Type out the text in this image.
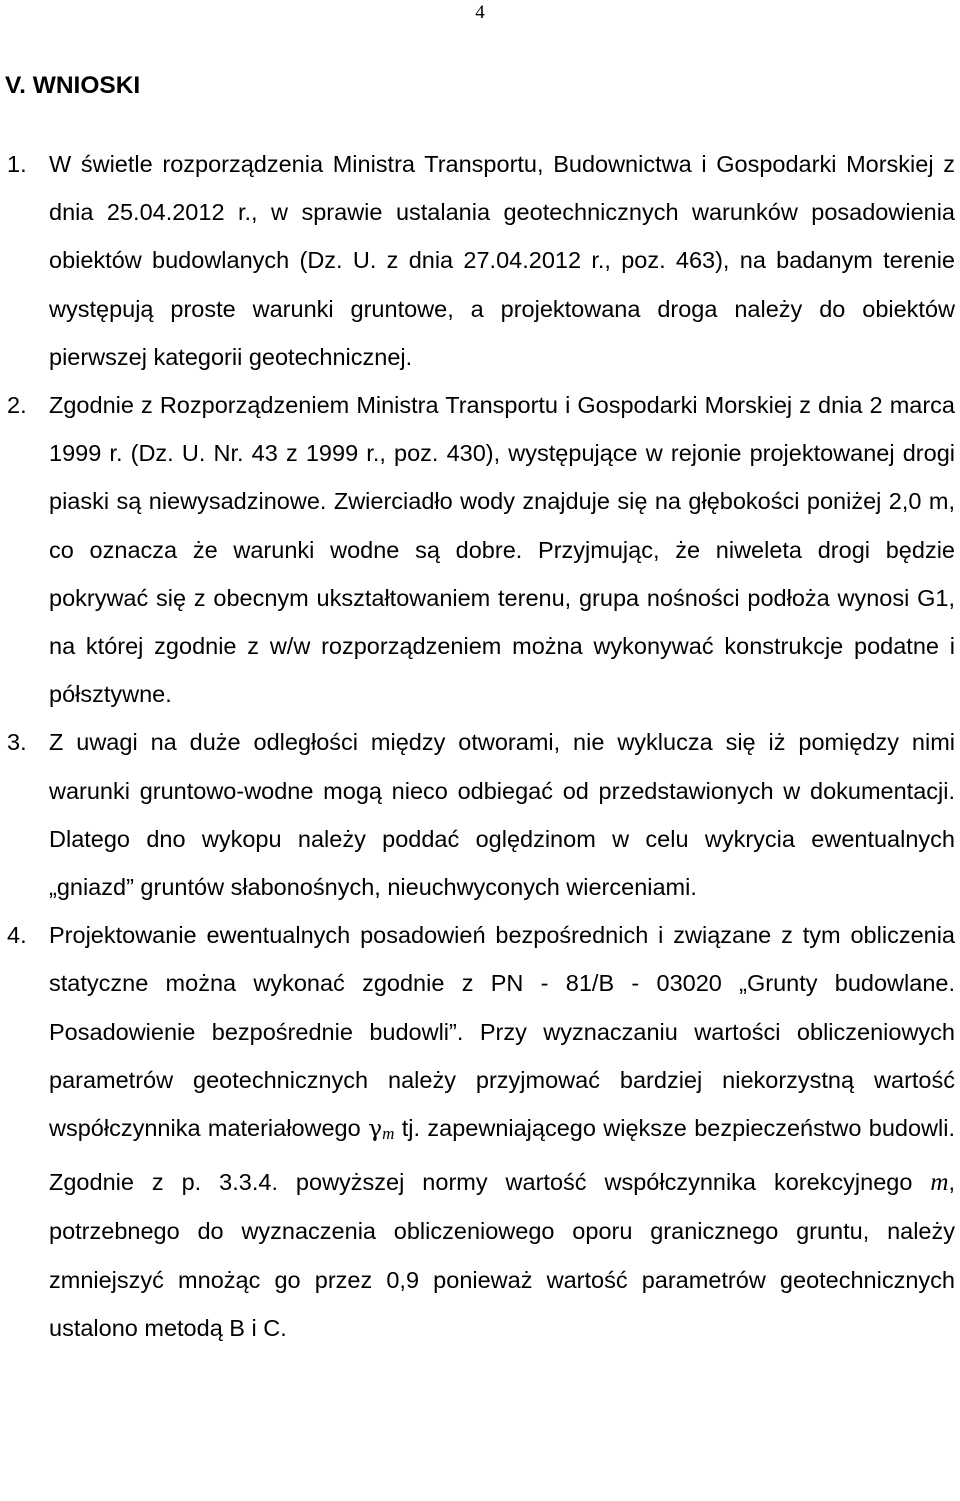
4
V. WNIOSKI
1. W świetle rozporządzenia Ministra Transportu, Budownictwa i Gospodarki Morskiej z dnia 25.04.2012 r., w sprawie ustalania geotechnicznych warunków posadowienia obiektów budowlanych (Dz. U. z dnia 27.04.2012 r., poz. 463), na badanym terenie występują proste warunki gruntowe, a projektowana droga należy do obiektów pierwszej kategorii geotechnicznej.
2. Zgodnie z Rozporządzeniem Ministra Transportu i Gospodarki Morskiej z dnia 2 marca 1999 r. (Dz. U. Nr. 43 z 1999 r., poz. 430), występujące w rejonie projektowanej drogi piaski są niewysadzinowe. Zwierciadło wody znajduje się na głębokości poniżej 2,0 m, co oznacza że warunki wodne są dobre. Przyjmując, że niweleta drogi będzie pokrywać się z obecnym ukształtowaniem terenu, grupa nośności podłoża wynosi G1, na której zgodnie z w/w rozporządzeniem można wykonywać konstrukcje podatne i półsztywne.
3. Z uwagi na duże odległości między otworami, nie wyklucza się iż pomiędzy nimi warunki gruntowo-wodne mogą nieco odbiegać od przedstawionych w dokumentacji. Dlatego dno wykopu należy poddać oględzinom w celu wykrycia ewentualnych „gniazd” gruntów słabonośnych, nieuchwyconych wierceniami.
4. Projektowanie ewentualnych posadowień bezpośrednich i związane z tym obliczenia statyczne można wykonać zgodnie z PN - 81/B - 03020 „Grunty budowlane. Posadowienie bezpośrednie budowli”. Przy wyznaczaniu wartości obliczeniowych parametrów geotechnicznych należy przyjmować bardziej niekorzystną wartość współczynnika materiałowego γm tj. zapewniającego większe bezpieczeństwo budowli. Zgodnie z p. 3.3.4. powyższej normy wartość współczynnika korekcyjnego m, potrzebnego do wyznaczenia obliczeniowego oporu granicznego gruntu, należy zmniejszyć mnożąc go przez 0,9 ponieważ wartość parametrów geotechnicznych ustalono metodą B i C.
